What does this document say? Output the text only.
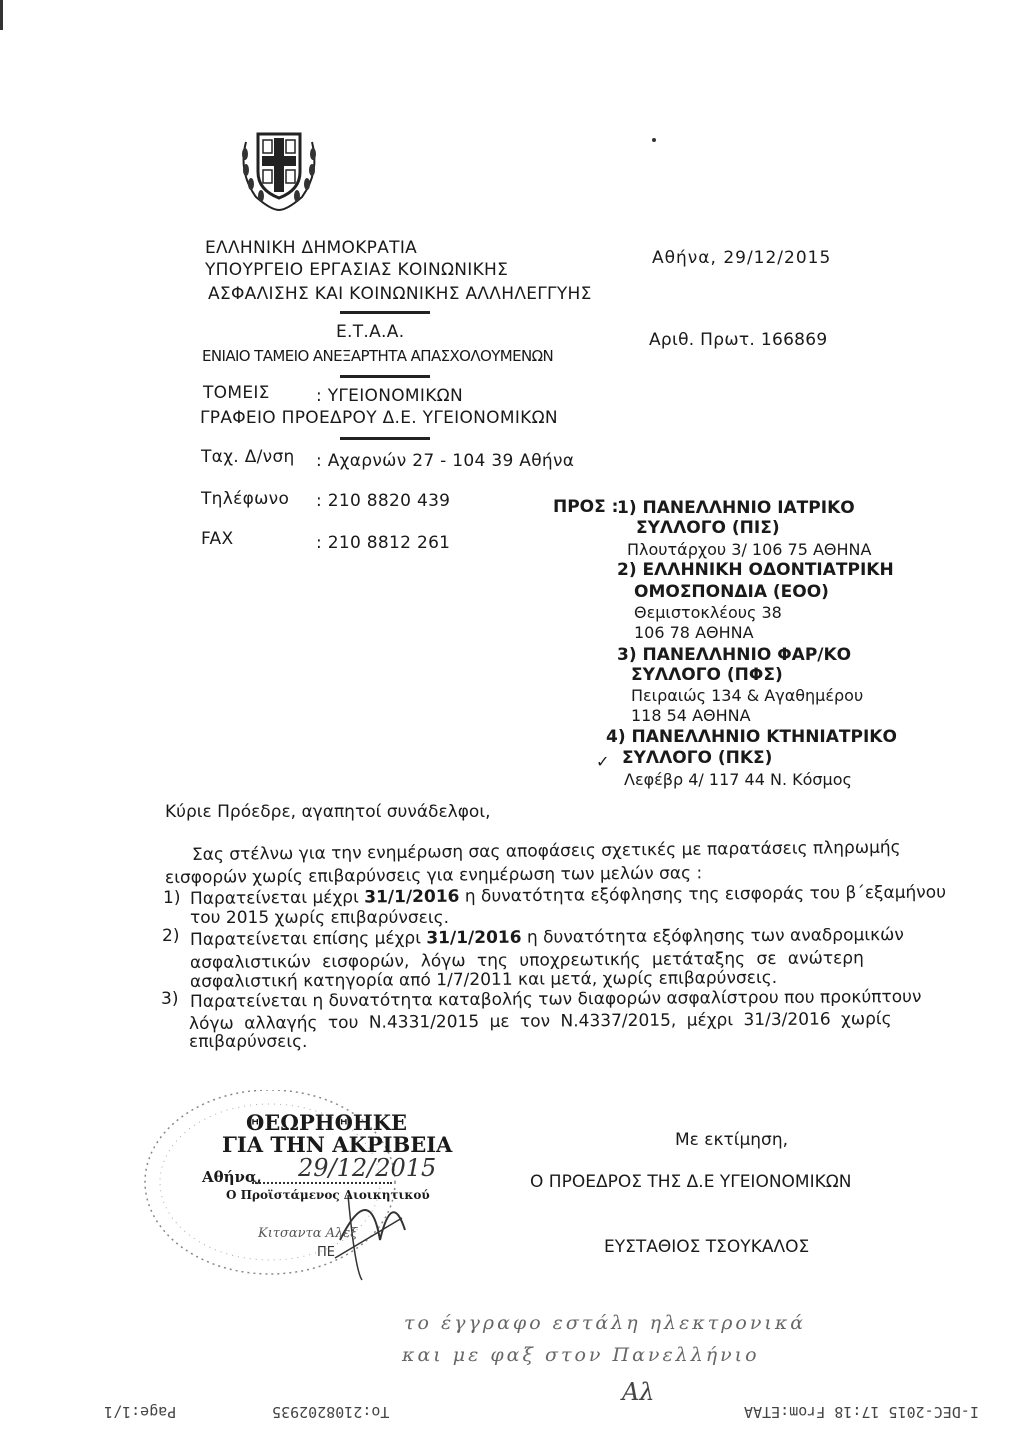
ΕΛΛΗΝΙΚΗ ΔΗΜΟΚΡΑΤΙΑ
ΥΠΟΥΡΓΕΙΟ ΕΡΓΑΣΙΑΣ ΚΟΙΝΩΝΙΚΗΣ
ΑΣΦΑΛΙΣΗΣ ΚΑΙ ΚΟΙΝΩΝΙΚΗΣ ΑΛΛΗΛΕΓΓΥΗΣ
Ε.Τ.Α.Α.
ΕΝΙΑΙΟ ΤΑΜΕΙΟ ΑΝΕΞΑΡΤΗΤΑ ΑΠΑΣΧΟΛΟΥΜΕΝΩΝ
ΤΟΜΕΙΣ	: ΥΓΕΙΟΝΟΜΙΚΩΝ
ΓΡΑΦΕΙΟ ΠΡΟΕΔΡΟΥ Δ.Ε. ΥΓΕΙΟΝΟΜΙΚΩΝ
Ταχ. Δ/νση : Αχαρνών 27 - 104 39 Αθήνα
Τηλέφωνο : 210 8820 439
FAX	: 210 8812 261
Αθήνα, 29/12/2015
Αριθ. Πρωτ. 166869
ΠΡΟΣ :
1) ΠΑΝΕΛΛΗΝΙΟ ΙΑΤΡΙΚΟ
ΣΥΛΛΟΓΟ (ΠΙΣ)
Πλουτάρχου 3/ 106 75 ΑΘΗΝΑ
2) ΕΛΛΗΝΙΚΗ ΟΔΟΝΤΙΑΤΡΙΚΗ
ΟΜΟΣΠΟΝΔΙΑ (ΕΟΟ)
Θεμιστοκλέους 38
106 78 ΑΘΗΝΑ
3) ΠΑΝΕΛΛΗΝΙΟ ΦΑΡ/ΚΟ
ΣΥΛΛΟΓΟ (ΠΦΣ)
Πειραιώς 134 & Αγαθημέρου
118 54 ΑΘΗΝΑ
4) ΠΑΝΕΛΛΗΝΙΟ ΚΤΗΝΙΑΤΡΙΚΟ
✓ ΣΥΛΛΟΓΟ (ΠΚΣ)
Λεφέβρ 4/ 117 44 Ν. Κόσμος
Κύριε Πρόεδρε, αγαπητοί συνάδελφοι,
Σας στέλνω για την ενημέρωση σας αποφάσεις σχετικές με παρατάσεις πληρωμής
εισφορών χωρίς επιβαρύνσεις για ενημέρωση των μελών σας :
1) Παρατείνεται μέχρι 31/1/2016 η δυνατότητα εξόφλησης της εισφοράς του β΄εξαμήνου
του 2015 χωρίς επιβαρύνσεις.
2) Παρατείνεται επίσης μέχρι 31/1/2016 η δυνατότητα εξόφλησης των αναδρομικών
ασφαλιστικών εισφορών, λόγω της υποχρεωτικής μετάταξης σε ανώτερη
ασφαλιστική κατηγορία από 1/7/2011 και μετά, χωρίς επιβαρύνσεις.
3) Παρατείνεται η δυνατότητα καταβολής των διαφορών ασφαλίστρου που προκύπτουν
λόγω αλλαγής του Ν.4331/2015 με τον Ν.4337/2015, μέχρι 31/3/2016 χωρίς
επιβαρύνσεις.
ΘΕΩΡΗΘΗΚΕ
ΓΙΑ ΤΗΝ ΑΚΡΙΒΕΙΑ
Αθήνα, 29/12/2015
Ο Προϊστάμενος Διοικητικού
Κιτσαντα Αλεξ
ΠΕ
Με εκτίμηση,
Ο ΠΡΟΕΔΡΟΣ ΤΗΣ Δ.Ε ΥΓΕΙΟΝΟΜΙΚΩΝ
ΕΥΣΤΑΘΙΟΣ ΤΣΟΥΚΑΛΟΣ
το έγγραφο εστάλη ηλεκτρονικά
και με φαξ στον Πανελλήνιο
Αλ
Page:1/1	To:2108202935	Ι-DEC-2015 17:18 From:ETAA
